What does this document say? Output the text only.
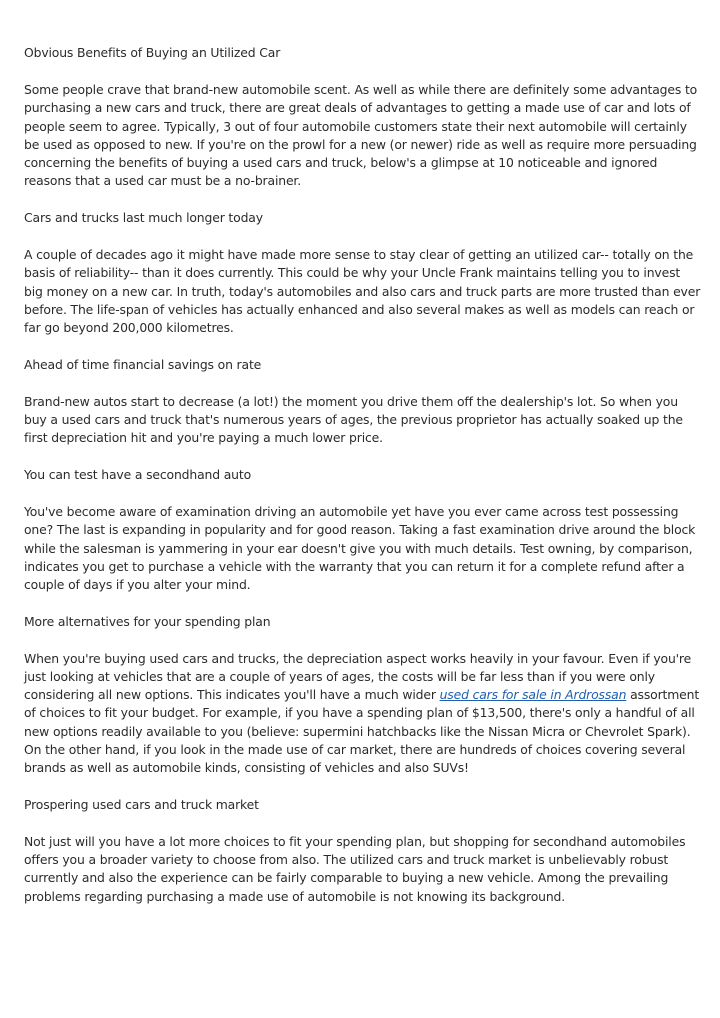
Obvious Benefits of Buying an Utilized Car

Some people crave that brand-new automobile scent. As well as while there are definitely some advantages to purchasing a new cars and truck, there are great deals of advantages to getting a made use of car and lots of people seem to agree. Typically, 3 out of four automobile customers state their next automobile will certainly be used as opposed to new. If you're on the prowl for a new (or newer) ride as well as require more persuading concerning the benefits of buying a used cars and truck, below's a glimpse at 10 noticeable and ignored reasons that a used car must be a no-brainer.

Cars and trucks last much longer today

A couple of decades ago it might have made more sense to stay clear of getting an utilized car-- totally on the basis of reliability-- than it does currently. This could be why your Uncle Frank maintains telling you to invest big money on a new car. In truth, today's automobiles and also cars and truck parts are more trusted than ever before. The life-span of vehicles has actually enhanced and also several makes as well as models can reach or far go beyond 200,000 kilometres.

Ahead of time financial savings on rate

Brand-new autos start to decrease (a lot!) the moment you drive them off the dealership's lot. So when you buy a used cars and truck that's numerous years of ages, the previous proprietor has actually soaked up the first depreciation hit and you're paying a much lower price.

You can test have a secondhand auto

You've become aware of examination driving an automobile yet have you ever came across test possessing one? The last is expanding in popularity and for good reason. Taking a fast examination drive around the block while the salesman is yammering in your ear doesn't give you with much details. Test owning, by comparison, indicates you get to purchase a vehicle with the warranty that you can return it for a complete refund after a couple of days if you alter your mind.

More alternatives for your spending plan

When you're buying used cars and trucks, the depreciation aspect works heavily in your favour. Even if you're just looking at vehicles that are a couple of years of ages, the costs will be far less than if you were only considering all new options. This indicates you'll have a much wider used cars for sale in Ardrossan assortment of choices to fit your budget. For example, if you have a spending plan of $13,500, there's only a handful of all new options readily available to you (believe: supermini hatchbacks like the Nissan Micra or Chevrolet Spark). On the other hand, if you look in the made use of car market, there are hundreds of choices covering several brands as well as automobile kinds, consisting of vehicles and also SUVs!

Prospering used cars and truck market

Not just will you have a lot more choices to fit your spending plan, but shopping for secondhand automobiles offers you a broader variety to choose from also. The utilized cars and truck market is unbelievably robust currently and also the experience can be fairly comparable to buying a new vehicle. Among the prevailing problems regarding purchasing a made use of automobile is not knowing its background.
